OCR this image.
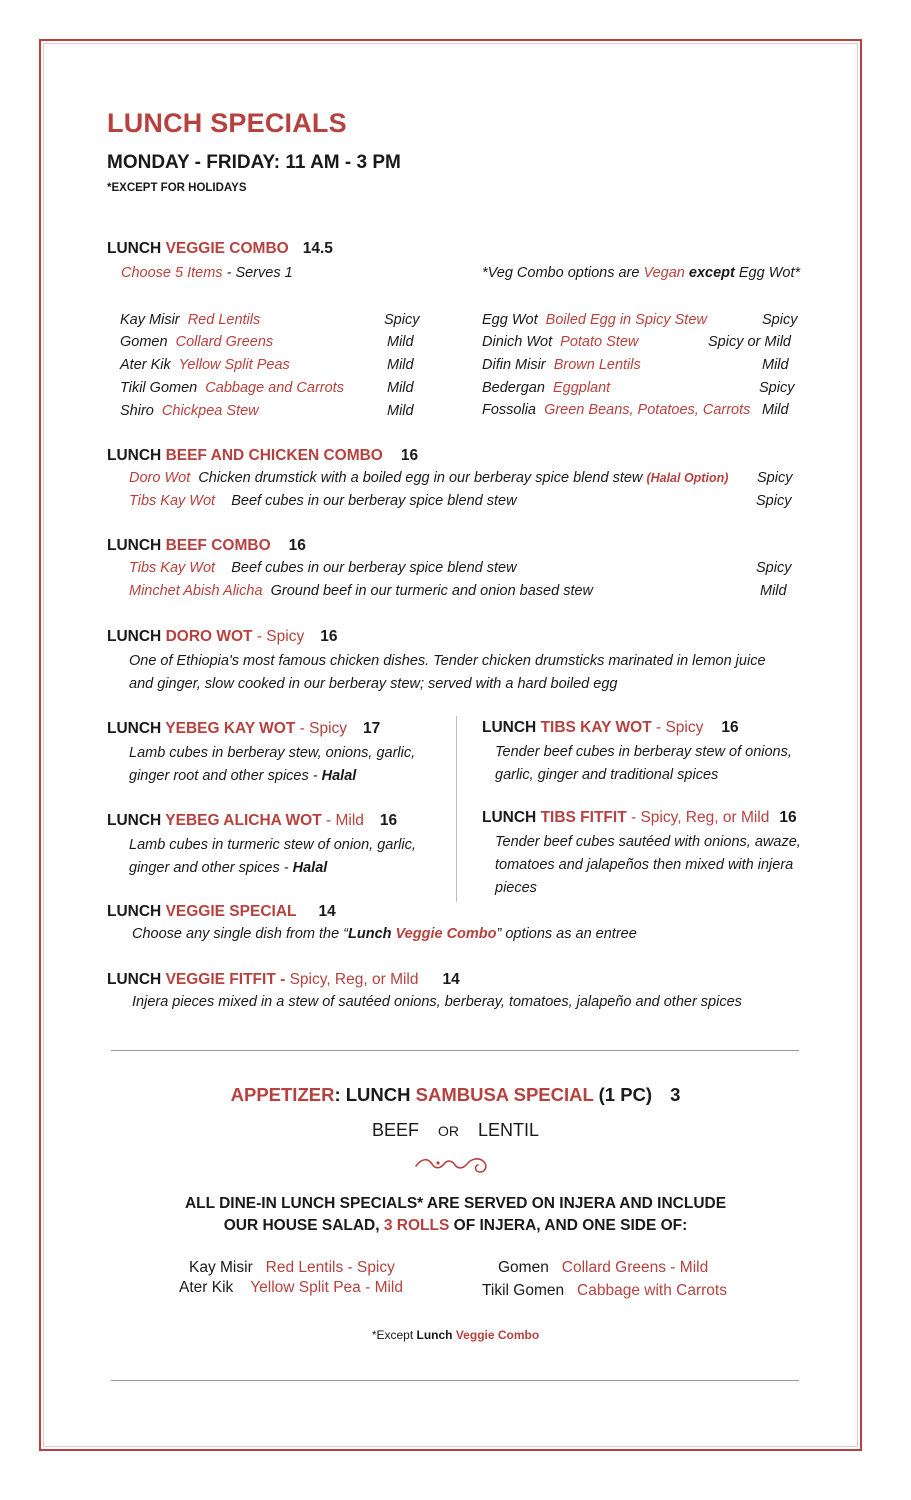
LUNCH SPECIALS
MONDAY - FRIDAY: 11 AM - 3 PM
*EXCEPT FOR HOLIDAYS
LUNCH VEGGIE COMBO 14.5
Choose 5 Items - Serves 1	*Veg Combo options are Vegan except Egg Wot*
Kay Misir Red Lentils	Spicy
Gomen Collard Greens	Mild
Ater Kik Yellow Split Peas	Mild
Tikil Gomen Cabbage and Carrots	Mild
Shiro Chickpea Stew	Mild
Egg Wot Boiled Egg in Spicy Stew	Spicy
Dinich Wot Potato Stew	Spicy or Mild
Difin Misir Brown Lentils	Mild
Bedergan Eggplant	Spicy
Fossolia Green Beans, Potatoes, Carrots Mild
LUNCH BEEF AND CHICKEN COMBO 16
Doro Wot Chicken drumstick with a boiled egg in our berberay spice blend stew (Halal Option) Spicy
Tibs Kay Wot Beef cubes in our berberay spice blend stew	Spicy
LUNCH BEEF COMBO 16
Tibs Kay Wot Beef cubes in our berberay spice blend stew	Spicy
Minchet Abish Alicha Ground beef in our turmeric and onion based stew	Mild
LUNCH DORO WOT - Spicy 16
One of Ethiopia's most famous chicken dishes. Tender chicken drumsticks marinated in lemon juice and ginger, slow cooked in our berberay stew; served with a hard boiled egg
LUNCH YEBEG KAY WOT - Spicy 17
Lamb cubes in berberay stew, onions, garlic, ginger root and other spices - Halal
LUNCH YEBEG ALICHA WOT - Mild 16
Lamb cubes in turmeric stew of onion, garlic, ginger and other spices - Halal
LUNCH TIBS KAY WOT - Spicy 16
Tender beef cubes in berberay stew of onions, garlic, ginger and traditional spices
LUNCH TIBS FITFIT - Spicy, Reg, or Mild 16
Tender beef cubes sautéed with onions, awaze, tomatoes and jalapeños then mixed with injera pieces
LUNCH VEGGIE SPECIAL 14
Choose any single dish from the “Lunch Veggie Combo” options as an entree
LUNCH VEGGIE FITFIT - Spicy, Reg, or Mild 14
Injera pieces mixed in a stew of sautéed onions, berberay, tomatoes, jalapeño and other spices
APPETIZER: LUNCH SAMBUSA SPECIAL (1 PC) 3
BEEF OR LENTIL
ALL DINE-IN LUNCH SPECIALS* ARE SERVED ON INJERA AND INCLUDE
OUR HOUSE SALAD, 3 ROLLS OF INJERA, AND ONE SIDE OF:
Kay Misir Red Lentils - Spicy
Ater Kik Yellow Split Pea - Mild
Gomen Collard Greens - Mild
Tikil Gomen Cabbage with Carrots
*Except Lunch Veggie Combo
